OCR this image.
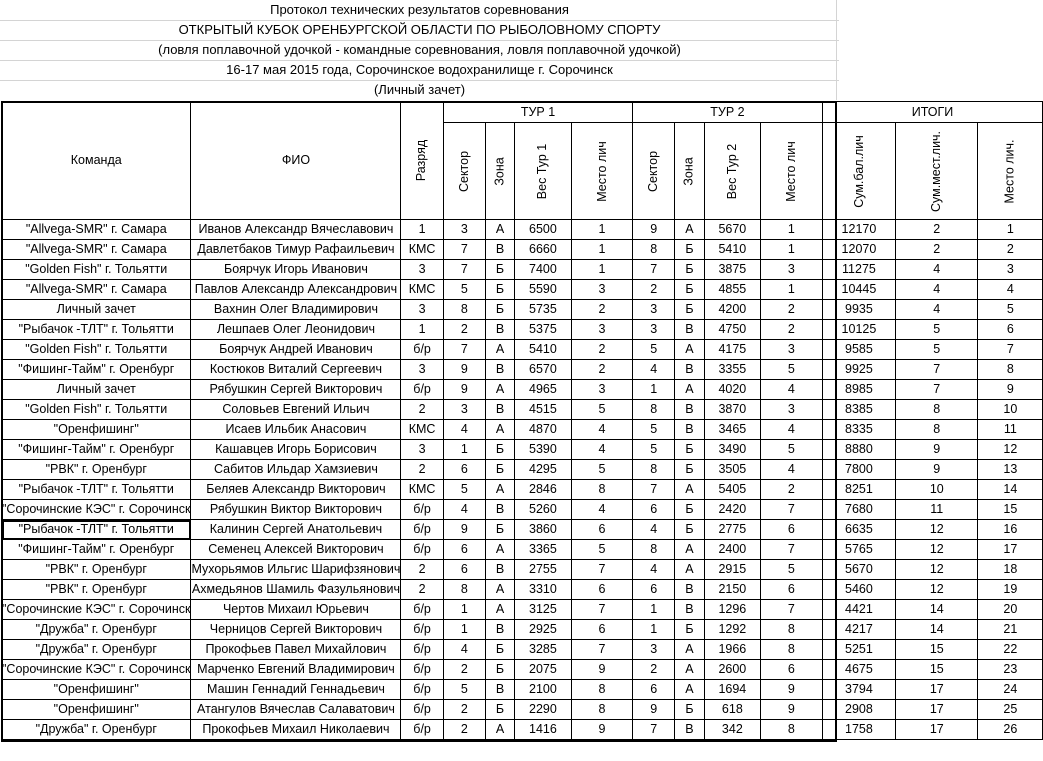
Протокол технических результатов соревнования
ОТКРЫТЫЙ КУБОК ОРЕНБУРГСКОЙ ОБЛАСТИ ПО РЫБОЛОВНОМУ СПОРТУ
(ловля поплавочной удочкой - командные соревнования, ловля поплавочной удочкой)
16-17 мая 2015 года, Сорочинское водохранилище г. Сорочинск
(Личный зачет)
Команда	ФИО	Разряд	ТУР 1				ТУР 2				ИТОГИ		
			Сектор	Зона	Вес Тур 1	Место лич	Сектор	Зона	Вес Тур 2	Место лич	Сум.бал.лич	Сум.мест.лич.	Место лич.
"Allvega-SMR" г. Самара	Иванов Александр Вячеславович	1	3	А	6500	1	9	А	5670	1	12170	2	1
"Allvega-SMR" г. Самара	Давлетбаков Тимур Рафаильевич	КМС	7	В	6660	1	8	Б	5410	1	12070	2	2
"Golden Fish" г. Тольятти	Боярчук Игорь Иванович	3	7	Б	7400	1	7	Б	3875	3	11275	4	3
"Allvega-SMR" г. Самара	Павлов Александр Александрович	КМС	5	Б	5590	3	2	Б	4855	1	10445	4	4
Личный зачет	Вахнин Олег Владимирович	3	8	Б	5735	2	3	Б	4200	2	9935	4	5
"Рыбачок -ТЛТ" г. Тольятти	Лешпаев Олег Леонидович	1	2	В	5375	3	3	В	4750	2	10125	5	6
"Golden Fish" г. Тольятти	Боярчук Андрей Иванович	б/р	7	А	5410	2	5	А	4175	3	9585	5	7
"Фишинг-Тайм" г. Оренбург	Костюков Виталий Сергеевич	3	9	В	6570	2	4	В	3355	5	9925	7	8
Личный зачет	Рябушкин Сергей Викторович	б/р	9	А	4965	3	1	А	4020	4	8985	7	9
"Golden Fish" г. Тольятти	Соловьев Евгений Ильич	2	3	В	4515	5	8	В	3870	3	8385	8	10
"Оренфишинг"	Исаев Ильбик Анасович	КМС	4	А	4870	4	5	В	3465	4	8335	8	11
"Фишинг-Тайм" г. Оренбург	Кашавцев Игорь Борисович	3	1	Б	5390	4	5	Б	3490	5	8880	9	12
"РВК" г. Оренбург	Сабитов Ильдар Хамзиевич	2	6	Б	4295	5	8	Б	3505	4	7800	9	13
"Рыбачок -ТЛТ" г. Тольятти	Беляев Александр Викторович	КМС	5	А	2846	8	7	А	5405	2	8251	10	14
"Сорочинские КЭС" г. Сорочинск	Рябушкин Виктор Викторович	б/р	4	В	5260	4	6	Б	2420	7	7680	11	15
"Рыбачок -ТЛТ" г. Тольятти	Калинин Сергей Анатольевич	б/р	9	Б	3860	6	4	Б	2775	6	6635	12	16
"Фишинг-Тайм" г. Оренбург	Семенец Алексей Викторович	б/р	6	А	3365	5	8	А	2400	7	5765	12	17
"РВК" г. Оренбург	Мухорьямов Ильгис Шарифзянович	2	6	В	2755	7	4	А	2915	5	5670	12	18
"РВК" г. Оренбург	Ахмедьянов Шамиль Фазульянович	2	8	А	3310	6	6	В	2150	6	5460	12	19
"Сорочинские КЭС" г. Сорочинск	Чертов Михаил Юрьевич	б/р	1	А	3125	7	1	В	1296	7	4421	14	20
"Дружба" г. Оренбург	Черницов Сергей Викторович	б/р	1	В	2925	6	1	Б	1292	8	4217	14	21
"Дружба" г. Оренбург	Прокофьев Павел Михайлович	б/р	4	Б	3285	7	3	А	1966	8	5251	15	22
"Сорочинские КЭС" г. Сорочинск	Марченко Евгений Владимирович	б/р	2	Б	2075	9	2	А	2600	6	4675	15	23
"Оренфишинг"	Машин Геннадий Геннадьевич	б/р	5	В	2100	8	6	А	1694	9	3794	17	24
"Оренфишинг"	Атангулов Вячеслав Салаватович	б/р	2	Б	2290	8	9	Б	618	9	2908	17	25
"Дружба" г. Оренбург	Прокофьев Михаил Николаевич	б/р	2	А	1416	9	7	В	342	8	1758	17	26
